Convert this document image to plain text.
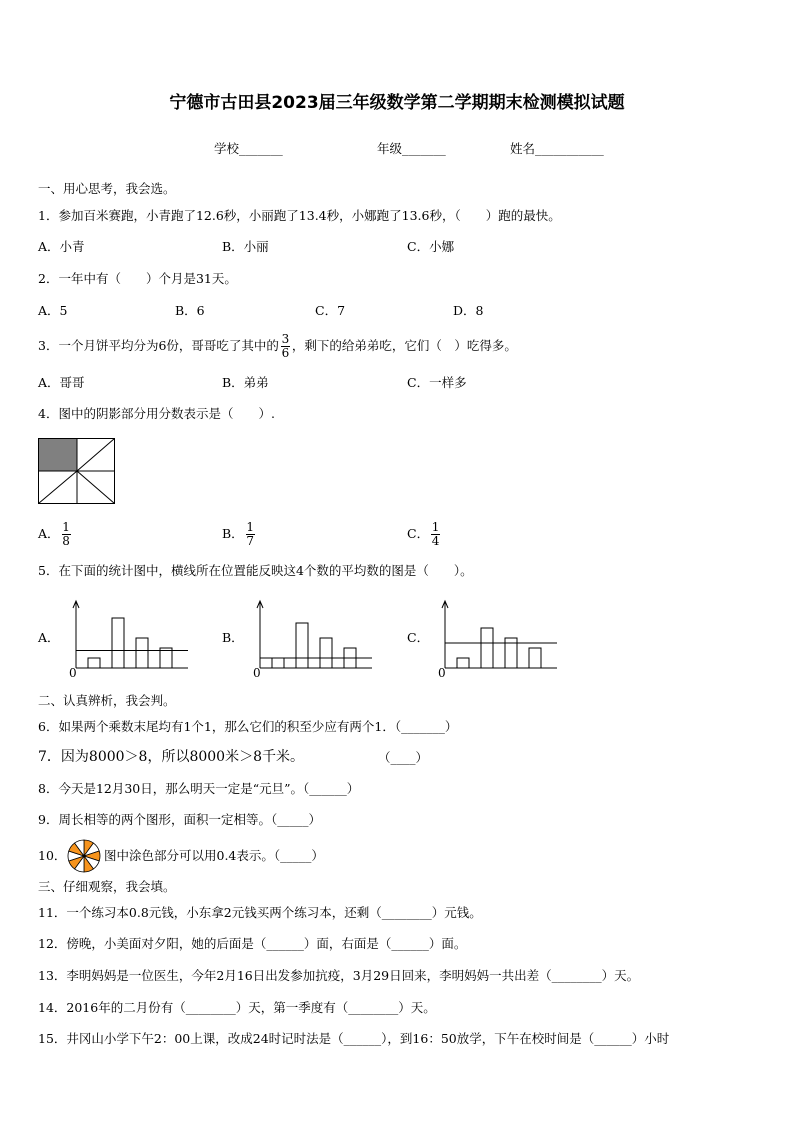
宁德市古田县2023届三年级数学第二学期期末检测模拟试题
学校_______	年级_______	姓名___________
一、用心思考，我会选。
1．参加百米赛跑，小青跑了12.6秒，小丽跑了13.4秒，小娜跑了13.6秒，（　　）跑的最快。
A．小青	B．小丽	C．小娜
2．一年中有（　　）个月是31天。
A．5	B．6	C．7	D．8
3．一个月饼平均分为6份，哥哥吃了其中的 $\frac{3}{6}$ ，剩下的给弟弟吃，它们（　）吃得多。
A．哥哥	B．弟弟	C．一样多
4．图中的阴影部分用分数表示是（　　）.
A． $\frac{1}{8}$	B． $\frac{1}{7}$	C． $\frac{1}{4}$
5．在下面的统计图中，横线所在位置能反映这4个数的平均数的图是（　　）。
A．	B．	C．
0	0	0
二、认真辨析，我会判。
6．如果两个乘数末尾均有1个1，那么它们的积至少应有两个1．（_______）
7．因为8000＞8，所以8000米＞8千米。	（____）
8．今天是12月30日，那么明天一定是“元旦”。（______）
9．周长相等的两个图形，面积一定相等。（_____）
10．	图中涂色部分可以用0.4表示。（_____）
三、仔细观察，我会填。
11．一个练习本0.8元钱，小东拿2元钱买两个练习本，还剩（________）元钱。
12．傍晚，小美面对夕阳，她的后面是（______）面，右面是（______）面。
13．李明妈妈是一位医生，今年2月16日出发参加抗疫，3月29日回来，李明妈妈一共出差（________）天。
14．2016年的二月份有（________）天，第一季度有（________）天。
15．井冈山小学下午2：00上课，改成24时记时法是（______），到16：50放学，下午在校时间是（______）小时
